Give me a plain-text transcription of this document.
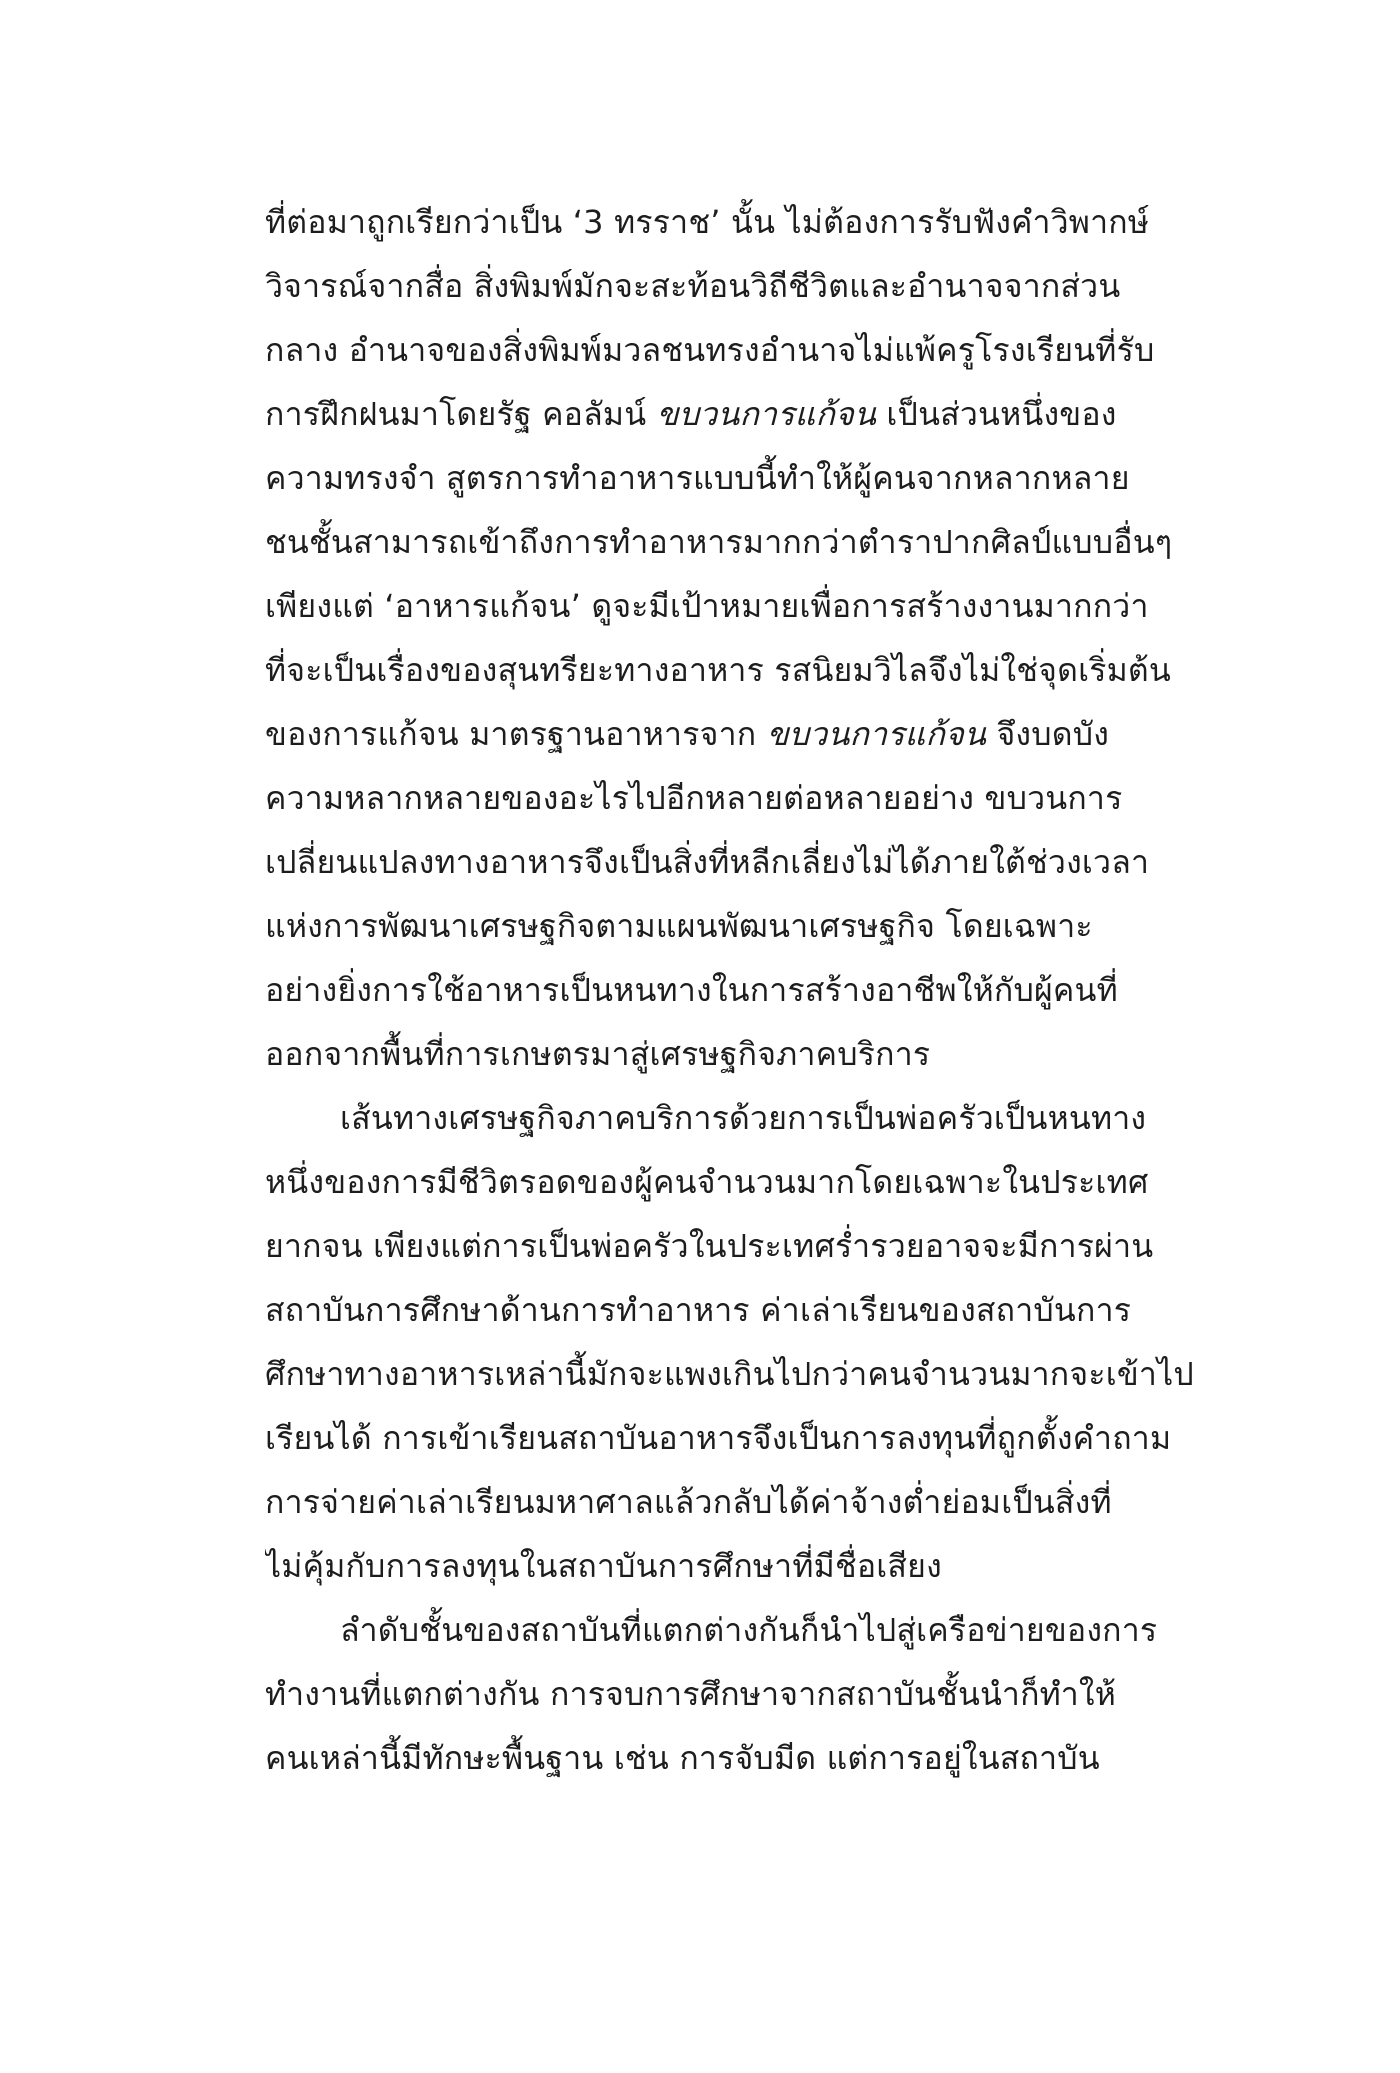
ที่ต่อมาถูกเรียกว่าเป็น ‘3 ทรราช’ นั้น ไม่ต้องการรับฟังคำวิพากษ์
วิจารณ์จากสื่อ สิ่งพิมพ์มักจะสะท้อนวิถีชีวิตและอำนาจจากส่วน
กลาง อำนาจของสิ่งพิมพ์มวลชนทรงอำนาจไม่แพ้ครูโรงเรียนที่รับ
การฝึกฝนมาโดยรัฐ คอลัมน์ ขบวนการแก้จน เป็นส่วนหนึ่งของ
ความทรงจำ สูตรการทำอาหารแบบนี้ทำให้ผู้คนจากหลากหลาย
ชนชั้นสามารถเข้าถึงการทำอาหารมากกว่าตำราปากศิลป์แบบอื่นๆ
เพียงแต่ ‘อาหารแก้จน’ ดูจะมีเป้าหมายเพื่อการสร้างงานมากกว่า
ที่จะเป็นเรื่องของสุนทรียะทางอาหาร รสนิยมวิไลจึงไม่ใช่จุดเริ่มต้น
ของการแก้จน มาตรฐานอาหารจาก ขบวนการแก้จน จึงบดบัง
ความหลากหลายของอะไรไปอีกหลายต่อหลายอย่าง ขบวนการ
เปลี่ยนแปลงทางอาหารจึงเป็นสิ่งที่หลีกเลี่ยงไม่ได้ภายใต้ช่วงเวลา
แห่งการพัฒนาเศรษฐกิจตามแผนพัฒนาเศรษฐกิจ โดยเฉพาะ
อย่างยิ่งการใช้อาหารเป็นหนทางในการสร้างอาชีพให้กับผู้คนที่
ออกจากพื้นที่การเกษตรมาสู่เศรษฐกิจภาคบริการ
เส้นทางเศรษฐกิจภาคบริการด้วยการเป็นพ่อครัวเป็นหนทาง
หนึ่งของการมีชีวิตรอดของผู้คนจำนวนมากโดยเฉพาะในประเทศ
ยากจน เพียงแต่การเป็นพ่อครัวในประเทศร่ำรวยอาจจะมีการผ่าน
สถาบันการศึกษาด้านการทำอาหาร ค่าเล่าเรียนของสถาบันการ
ศึกษาทางอาหารเหล่านี้มักจะแพงเกินไปกว่าคนจำนวนมากจะเข้าไป
เรียนได้ การเข้าเรียนสถาบันอาหารจึงเป็นการลงทุนที่ถูกตั้งคำถาม
การจ่ายค่าเล่าเรียนมหาศาลแล้วกลับได้ค่าจ้างต่ำย่อมเป็นสิ่งที่
ไม่คุ้มกับการลงทุนในสถาบันการศึกษาที่มีชื่อเสียง
ลำดับชั้นของสถาบันที่แตกต่างกันก็นำไปสู่เครือข่ายของการ
ทำงานที่แตกต่างกัน การจบการศึกษาจากสถาบันชั้นนำก็ทำให้
คนเหล่านี้มีทักษะพื้นฐาน เช่น การจับมีด แต่การอยู่ในสถาบัน
